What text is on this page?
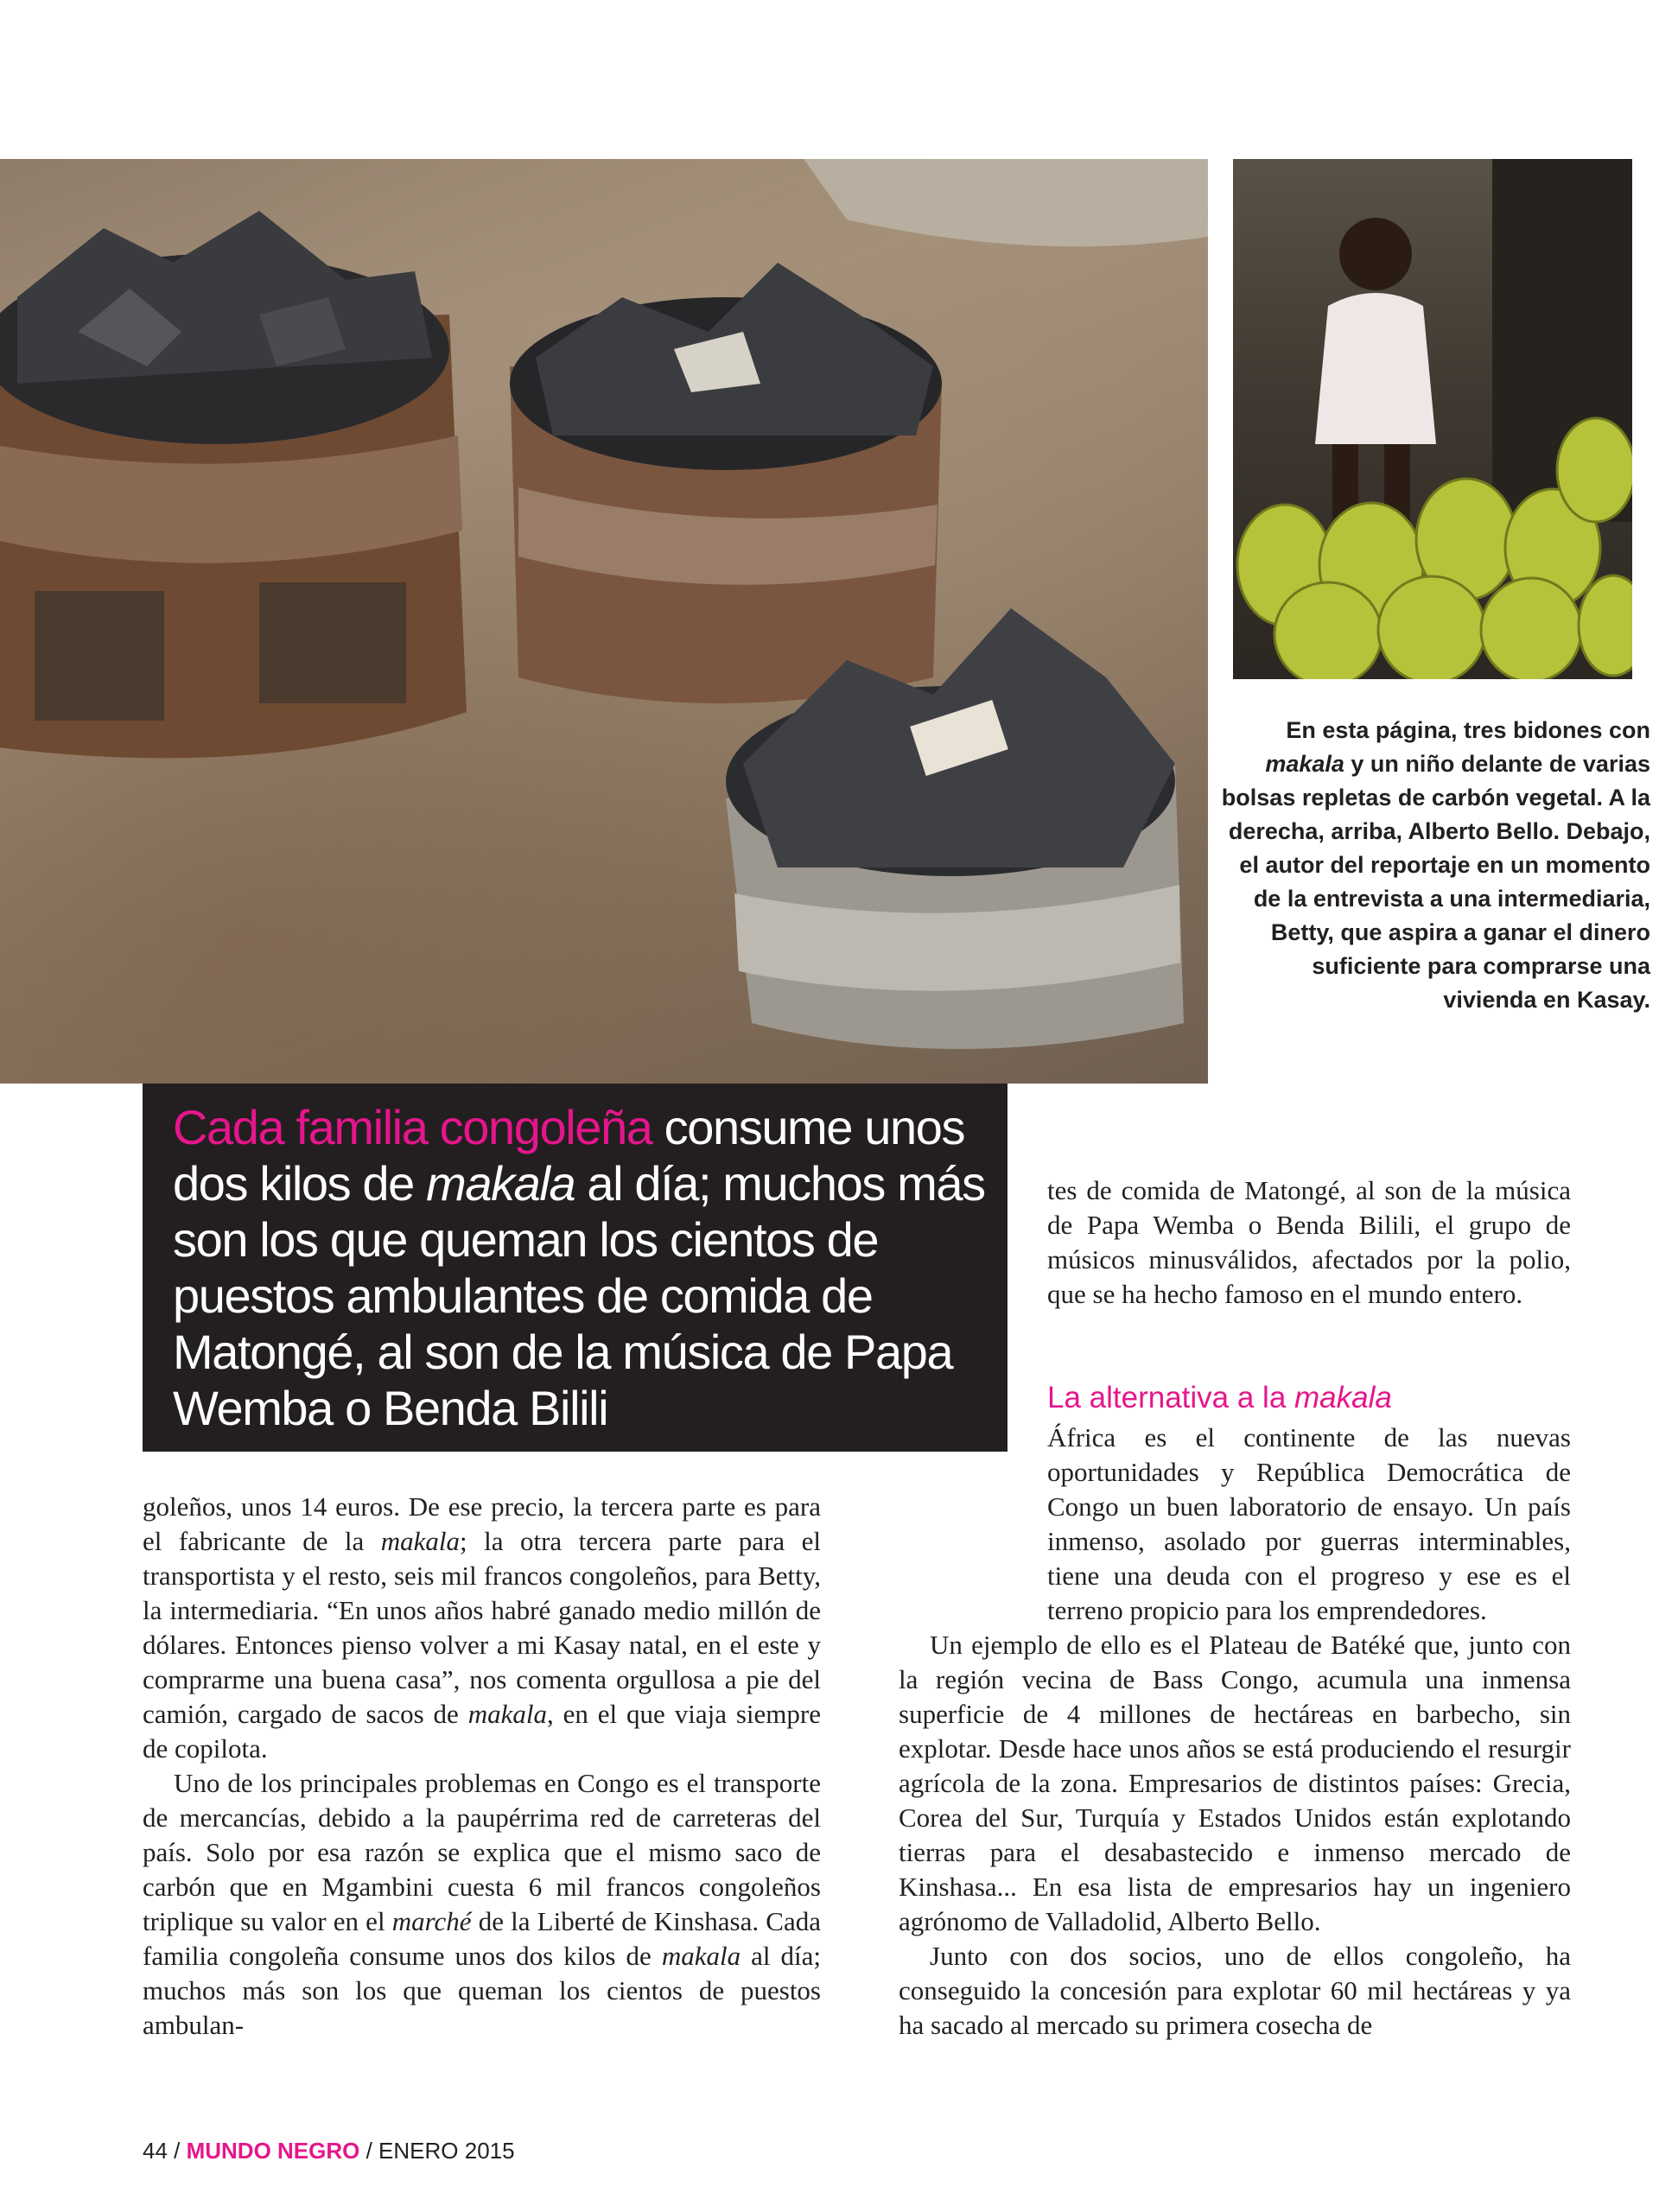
En esta página, tres bidones con makala y un niño delante de varias bolsas repletas de carbón vegetal. A la derecha, arriba, Alberto Bello. Debajo, el autor del reportaje en un momento de la entrevista a una intermediaria, Betty, que aspira a ganar el dinero suficiente para comprarse una vivienda en Kasay.
Cada familia congoleña consume unos dos kilos de makala al día; muchos más son los que queman los cientos de puestos ambulantes de comida de Matongé, al son de la música de Papa Wemba o Benda Bilili

tes de comida de Matongé, al son de la música de Papa Wemba o Benda Bilili, el grupo de músicos minusválidos, afectados por la polio, que se ha hecho famoso en el mundo entero.

La alternativa a la makala

África es el continente de las nuevas oportunidades y República Democrática de Congo un buen laboratorio de ensayo. Un país inmenso, asolado por guerras interminables, tiene una deuda con el progreso y ese es el terreno propicio para los emprendedores.

Un ejemplo de ello es el Plateau de Batéké que, junto con la región vecina de Bass Congo, acumula una inmensa superficie de 4 millones de hectáreas en barbecho, sin explotar. Desde hace unos años se está produciendo el resurgir agrícola de la zona. Empresarios de distintos países: Grecia, Corea del Sur, Turquía y Estados Unidos están explotando tierras para el desabastecido e inmenso mercado de Kinshasa... En esa lista de empresarios hay un ingeniero agrónomo de Valladolid, Alberto Bello.

Junto con dos socios, uno de ellos congoleño, ha conseguido la concesión para explotar 60 mil hectáreas y ya ha sacado al mercado su primera cosecha de

goleños, unos 14 euros. De ese precio, la tercera parte es para el fabricante de la makala; la otra tercera parte para el transportista y el resto, seis mil francos congoleños, para Betty, la intermediaria. “En unos años habré ganado medio millón de dólares. Entonces pienso volver a mi Kasay natal, en el este y comprarme una buena casa”, nos comenta orgullosa a pie del camión, cargado de sacos de makala, en el que viaja siempre de copilota.

Uno de los principales problemas en Congo es el transporte de mercancías, debido a la paupérrima red de carreteras del país. Solo por esa razón se explica que el mismo saco de carbón que en Mgambini cuesta 6 mil francos congoleños triplique su valor en el marché de la Liberté de Kinshasa. Cada familia congoleña consume unos dos kilos de makala al día; muchos más son los que queman los cientos de puestos ambulan-

44 / MUNDO NEGRO / ENERO 2015
